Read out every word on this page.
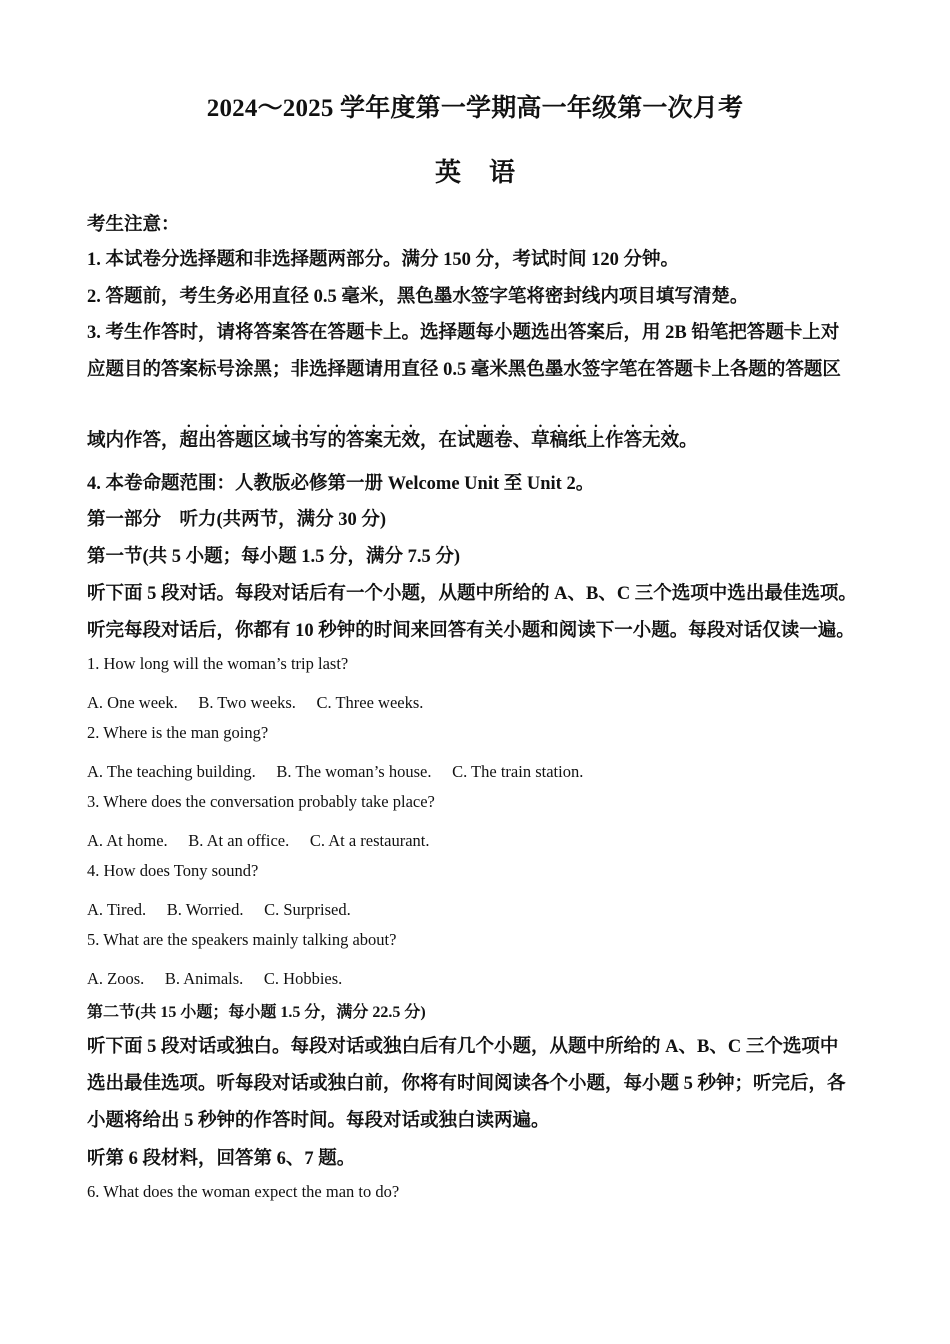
2024～2025 学年度第一学期高一年级第一次月考
英 语
考生注意：
1. 本试卷分选择题和非选择题两部分。满分 150 分，考试时间 120 分钟。
2. 答题前，考生务必用直径 0.5 毫米，黑色墨水签字笔将密封线内项目填写清楚。
3. 考生作答时，请将答案答在答题卡上。选择题每小题选出答案后，用 2B 铅笔把答题卡上对
应题目的答案标号涂黑；非选择题请用直径 0.5 毫米黑色墨水签字笔在答题卡上各题的答题区
域内作答，超出答题区域书写的答案无效，在试题卷、草稿纸上作答无效。
4. 本卷命题范围：人教版必修第一册 Welcome Unit 至 Unit 2。
第一部分　听力(共两节，满分 30 分)
第一节(共 5 小题；每小题 1.5 分，满分 7.5 分)
听下面 5 段对话。每段对话后有一个小题，从题中所给的 A、B、C 三个选项中选出最佳选项。
听完每段对话后，你都有 10 秒钟的时间来回答有关小题和阅读下一小题。每段对话仅读一遍。
1. How long will the woman’s trip last?
A. One week.　 B. Two weeks.　 C. Three weeks.
2. Where is the man going?
A. The teaching building.　 B. The woman’s house.　 C. The train station.
3. Where does the conversation probably take place?
A. At home.　 B. At an office.　 C. At a restaurant.
4. How does Tony sound?
A. Tired.　 B. Worried.　 C. Surprised.
5. What are the speakers mainly talking about?
A. Zoos.　 B. Animals.　 C. Hobbies.
第二节(共 15 小题；每小题 1.5 分，满分 22.5 分)
听下面 5 段对话或独白。每段对话或独白后有几个小题，从题中所给的 A、B、C 三个选项中
选出最佳选项。听每段对话或独白前，你将有时间阅读各个小题，每小题 5 秒钟；听完后，各
小题将给出 5 秒钟的作答时间。每段对话或独白读两遍。
听第 6 段材料，回答第 6、7 题。
6. What does the woman expect the man to do?
